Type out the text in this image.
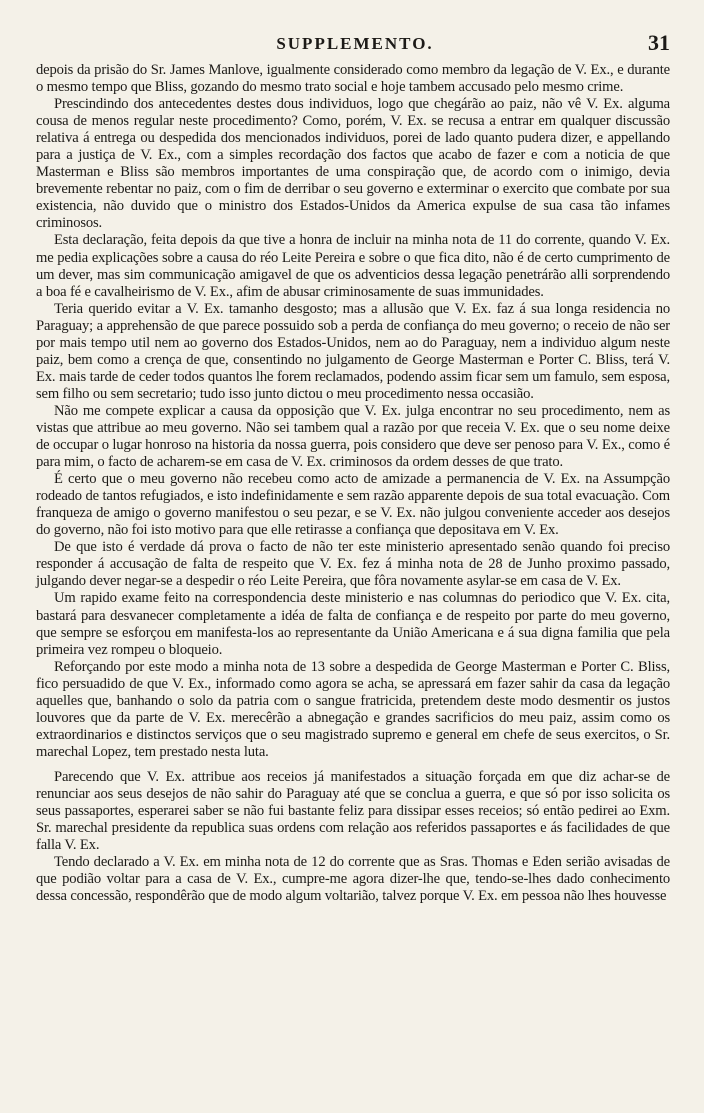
SUPPLEMENTO.	31

depois da prisão do Sr. James Manlove, igualmente considerado como membro da legação de V. Ex., e durante o mesmo tempo que Bliss, gozando do mesmo trato social e hoje tambem accusado pelo mesmo crime.

Prescindindo dos antecedentes destes dous individuos, logo que chegárão ao paiz, não vê V. Ex. alguma cousa de menos regular neste procedimento? Como, porém, V. Ex. se recusa a entrar em qualquer discussão relativa á entrega ou despedida dos mencionados individuos, porei de lado quanto pudera dizer, e appellando para a justiça de V. Ex., com a simples recordação dos factos que acabo de fazer e com a noticia de que Masterman e Bliss são membros importantes de uma conspiração que, de acordo com o inimigo, devia brevemente rebentar no paiz, com o fim de derribar o seu governo e exterminar o exercito que combate por sua existencia, não duvido que o ministro dos Estados-Unidos da America expulse de sua casa tão infames criminosos.

Esta declaração, feita depois da que tive a honra de incluir na minha nota de 11 do corrente, quando V. Ex. me pedia explicações sobre a causa do réo Leite Pereira e sobre o que fica dito, não é de certo cumprimento de um dever, mas sim communicação amigavel de que os adventicios dessa legação penetrárão alli sorprendendo a boa fé e cavalheirismo de V. Ex., afim de abusar criminosamente de suas immunidades.

Teria querido evitar a V. Ex. tamanho desgosto; mas a allusão que V. Ex. faz á sua longa residencia no Paraguay; a apprehensão de que parece possuido sob a perda de confiança do meu governo; o receio de não ser por mais tempo util nem ao governo dos Estados-Unidos, nem ao do Paraguay, nem a individuo algum neste paiz, bem como a crença de que, consentindo no julgamento de George Masterman e Porter C. Bliss, terá V. Ex. mais tarde de ceder todos quantos lhe forem reclamados, podendo assim ficar sem um famulo, sem esposa, sem filho ou sem secretario; tudo isso junto dictou o meu procedimento nessa occasião.

Não me compete explicar a causa da opposição que V. Ex. julga encontrar no seu procedimento, nem as vistas que attribue ao meu governo. Não sei tambem qual a razão por que receia V. Ex. que o seu nome deixe de occupar o lugar honroso na historia da nossa guerra, pois considero que deve ser penoso para V. Ex., como é para mim, o facto de acharem-se em casa de V. Ex. criminosos da ordem desses de que trato.

É certo que o meu governo não recebeu como acto de amizade a permanencia de V. Ex. na Assumpção rodeado de tantos refugiados, e isto indefinidamente e sem razão apparente depois de sua total evacuação. Com franqueza de amigo o governo manifestou o seu pezar, e se V. Ex. não julgou conveniente acceder aos desejos do governo, não foi isto motivo para que elle retirasse a confiança que depositava em V. Ex.

De que isto é verdade dá prova o facto de não ter este ministerio apresentado senão quando foi preciso responder á accusação de falta de respeito que V. Ex. fez á minha nota de 28 de Junho proximo passado, julgando dever negar-se a despedir o réo Leite Pereira, que fôra novamente asylar-se em casa de V. Ex.

Um rapido exame feito na correspondencia deste ministerio e nas columnas do periodico que V. Ex. cita, bastará para desvanecer completamente a idéa de falta de confiança e de respeito por parte do meu governo, que sempre se esforçou em manifesta-los ao representante da União Americana e á sua digna familia que pela primeira vez rompeu o bloqueio.

Reforçando por este modo a minha nota de 13 sobre a despedida de George Masterman e Porter C. Bliss, fico persuadido de que V. Ex., informado como agora se acha, se apressará em fazer sahir da casa da legação aquelles que, banhando o solo da patria com o sangue fratricida, pretendem deste modo desmentir os justos louvores que da parte de V. Ex. merecêrão a abnegação e grandes sacrificios do meu paiz, assim como os extraordinarios e distinctos serviços que o seu magistrado supremo e general em chefe de seus exercitos, o Sr. marechal Lopez, tem prestado nesta luta.

Parecendo que V. Ex. attribue aos receios já manifestados a situação forçada em que diz achar-se de renunciar aos seus desejos de não sahir do Paraguay até que se conclua a guerra, e que só por isso solicita os seus passaportes, esperarei saber se não fui bastante feliz para dissipar esses receios; só então pedirei ao Exm. Sr. marechal presidente da republica suas ordens com relação aos referidos passaportes e ás facilidades de que falla V. Ex.

Tendo declarado a V. Ex. em minha nota de 12 do corrente que as Sras. Thomas e Eden serião avisadas de que podião voltar para a casa de V. Ex., cumpre-me agora dizer-lhe que, tendo-se-lhes dado conhecimento dessa concessão, respondêrão que de modo algum voltarião, talvez porque V. Ex. em pessoa não lhes houvesse
